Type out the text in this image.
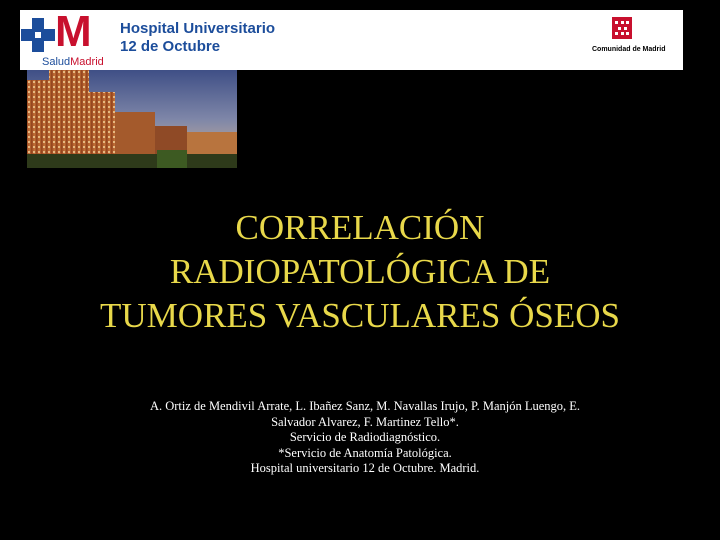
M Hospital Universitario
12 de Octubre
SaludMadrid
Comunidad de Madrid
CORRELACIÓN
RADIOPATOLÓGICA DE
TUMORES VASCULARES ÓSEOS
A. Ortiz de Mendivil Arrate, L. Ibañez Sanz, M. Navallas Irujo, P. Manjón Luengo, E.
Salvador Alvarez, F. Martinez Tello*.
Servicio de Radiodiagnóstico.
*Servicio de Anatomía Patológica.
Hospital universitario 12 de Octubre. Madrid.
